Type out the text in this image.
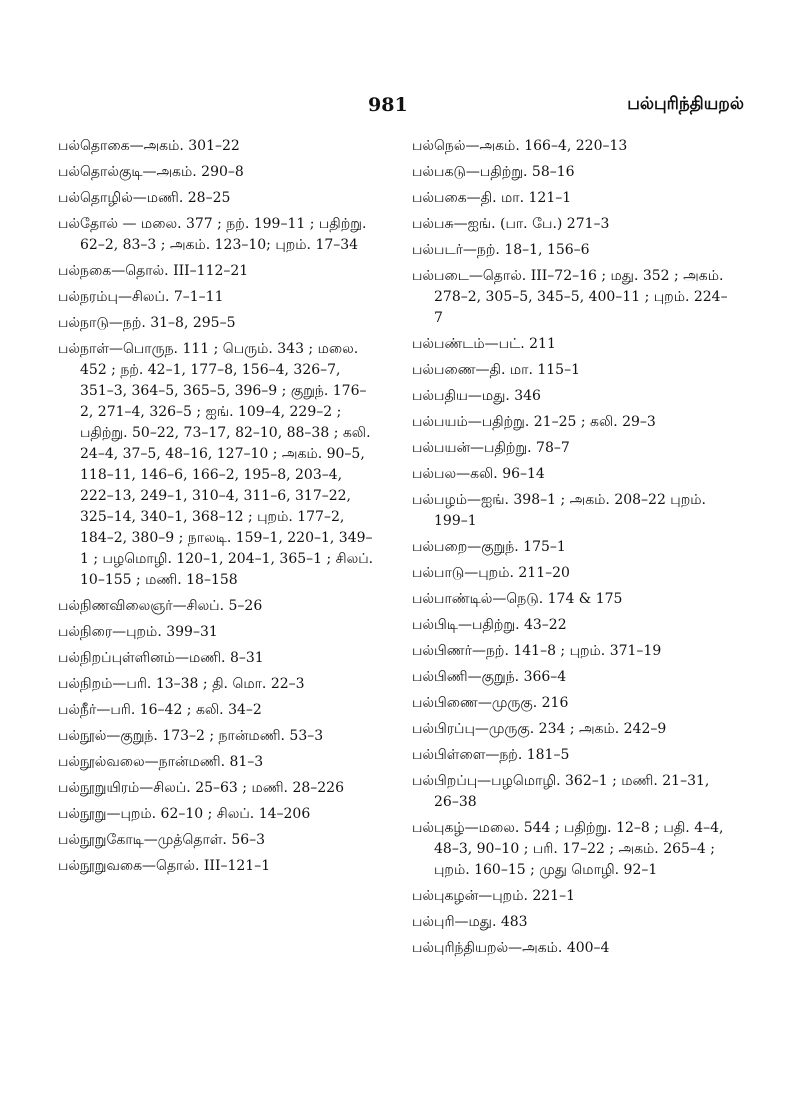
981	பல்புரிந்தியறல்
பல்தொகை—அகம். 301–22
பல்தொல்குடி—அகம். 290–8
பல்தொழில்—மணி. 28–25
பல்தோல் — மலை. 377 ; நற். 199–11 ; பதிற்று. 62–2, 83–3 ; அகம். 123–10; புறம். 17–34
பல்நகை—தொல். III–112–21
பல்நரம்பு—சிலப். 7–1–11
பல்நாடு—நற். 31–8, 295–5
பல்நாள்—பொருந. 111 ; பெரும். 343 ; மலை. 452 ; நற். 42–1, 177–8, 156–4, 326–7, 351–3, 364–5, 365–5, 396–9 ; குறுந். 176–2, 271–4, 326–5 ; ஐங். 109–4, 229–2 ; பதிற்று. 50–22, 73–17, 82–10, 88–38 ; கலி. 24–4, 37–5, 48–16, 127–10 ; அகம். 90–5, 118–11, 146–6, 166–2, 195–8, 203–4, 222–13, 249–1, 310–4, 311–6, 317–22, 325–14, 340–1, 368–12 ; புறம். 177–2, 184–2, 380–9 ; நாலடி. 159–1, 220–1, 349–1 ; பழமொழி. 120–1, 204–1, 365–1 ; சிலப். 10–155 ; மணி. 18–158
பல்நிணவிலைஞர்—சிலப். 5–26
பல்நிரை—புறம். 399–31
பல்நிறப்புள்ளினம்—மணி. 8–31
பல்நிறம்—பரி. 13–38 ; தி. மொ. 22–3
பல்நீர்—பரி. 16–42 ; கலி. 34–2
பல்நூல்—குறுந். 173–2 ; நான்மணி. 53–3
பல்நூல்வலை—நான்மணி. 81–3
பல்நூறுயிரம்—சிலப். 25–63 ; மணி. 28–226
பல்நூறு—புறம். 62–10 ; சிலப். 14–206
பல்நூறுகோடி—முத்தொள். 56–3
பல்நூறுவகை—தொல். III–121–1
பல்நெல்—அகம். 166–4, 220–13
பல்பகடு—பதிற்று. 58–16
பல்பகை—தி. மா. 121–1
பல்பசு—ஐங். (பா. பே.) 271–3
பல்படர்—நற். 18–1, 156–6
பல்படை—தொல். III–72–16 ; மது. 352 ; அகம். 278–2, 305–5, 345–5, 400–11 ; புறம். 224–7
பல்பண்டம்—பட். 211
பல்பணை—தி. மா. 115–1
பல்பதிய—மது. 346
பல்பயம்—பதிற்று. 21–25 ; கலி. 29–3
பல்பயன்—பதிற்று. 78–7
பல்பல—கலி. 96–14
பல்பழம்—ஐங். 398–1 ; அகம். 208–22 புறம். 199–1
பல்பறை—குறுந். 175–1
பல்பாடு—புறம். 211–20
பல்பாண்டில்—நெடு. 174 & 175
பல்பிடி—பதிற்று. 43–22
பல்பிணர்—நற். 141–8 ; புறம். 371–19
பல்பிணி—குறுந். 366–4
பல்பிணை—முருகு. 216
பல்பிரப்பு—முருகு. 234 ; அகம். 242–9
பல்பிள்ளை—நற். 181–5
பல்பிறப்பு—பழமொழி. 362–1 ; மணி. 21–31, 26–38
பல்புகழ்—மலை. 544 ; பதிற்று. 12–8 ; பதி. 4–4, 48–3, 90–10 ; பரி. 17–22 ; அகம். 265–4 ; புறம். 160–15 ; முது மொழி. 92–1
பல்புகழன்—புறம். 221–1
பல்புரி—மது. 483
பல்புரிந்தியறல்—அகம். 400–4
